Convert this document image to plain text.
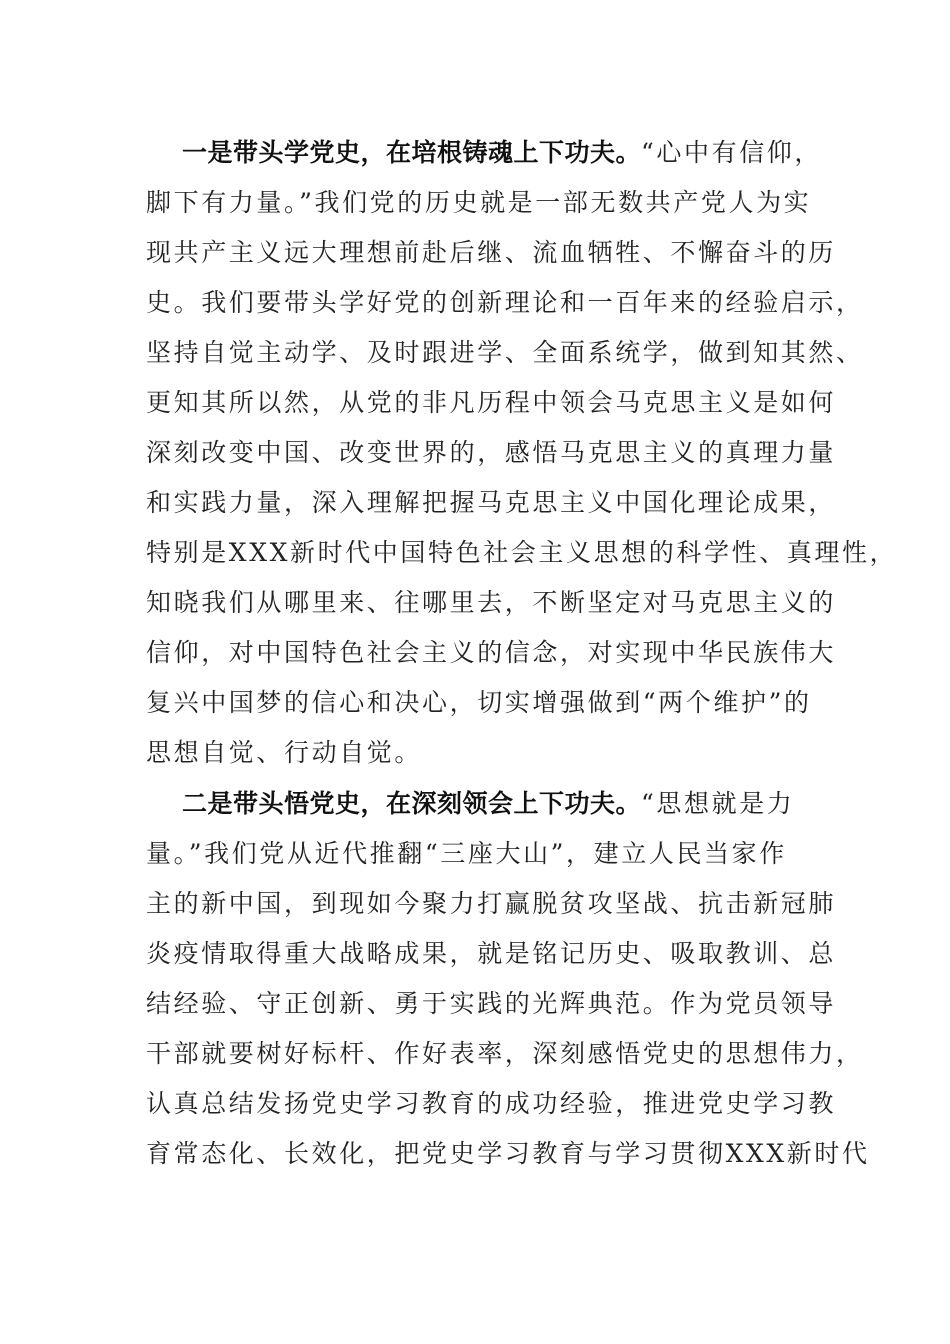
一是带头学党史，在培根铸魂上下功夫。“心中有信仰，
脚下有力量。”我们党的历史就是一部无数共产党人为实
现共产主义远大理想前赴后继、流血牺牲、不懈奋斗的历
史。我们要带头学好党的创新理论和一百年来的经验启示，
坚持自觉主动学、及时跟进学、全面系统学，做到知其然、
更知其所以然，从党的非凡历程中领会马克思主义是如何
深刻改变中国、改变世界的，感悟马克思主义的真理力量
和实践力量，深入理解把握马克思主义中国化理论成果，
特别是XXX新时代中国特色社会主义思想的科学性、真理性，
知晓我们从哪里来、往哪里去，不断坚定对马克思主义的
信仰，对中国特色社会主义的信念，对实现中华民族伟大
复兴中国梦的信心和决心，切实增强做到“两个维护”的
思想自觉、行动自觉。
二是带头悟党史，在深刻领会上下功夫。“思想就是力
量。”我们党从近代推翻“三座大山”，建立人民当家作
主的新中国，到现如今聚力打赢脱贫攻坚战、抗击新冠肺
炎疫情取得重大战略成果，就是铭记历史、吸取教训、总
结经验、守正创新、勇于实践的光辉典范。作为党员领导
干部就要树好标杆、作好表率，深刻感悟党史的思想伟力，
认真总结发扬党史学习教育的成功经验，推进党史学习教
育常态化、长效化，把党史学习教育与学习贯彻XXX新时代
